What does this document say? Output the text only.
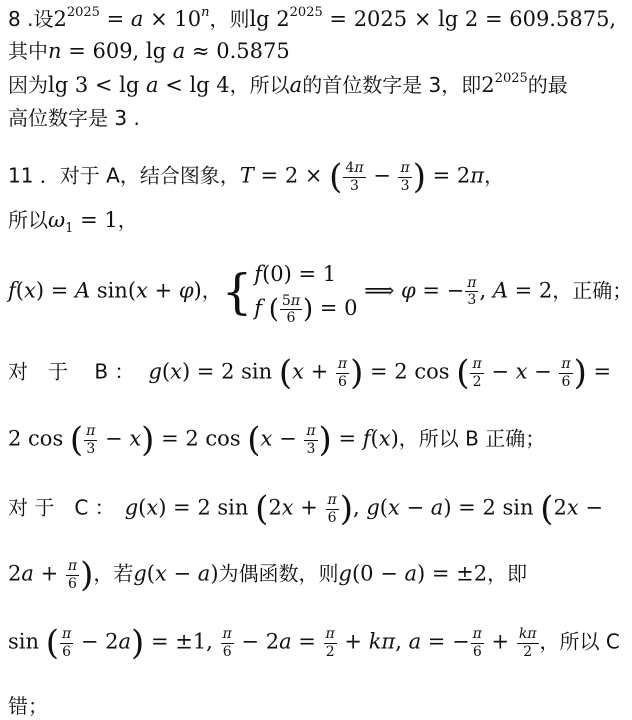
8 .设$2^{2025} = a \times 10^n$，则$\lg 2^{2025} = 2025 \times \lg 2 = 609.5875$,
其中n = 609, lg a ≈ 0.5875
因为lg 3 < lg a < lg 4，所以a的首位数字是 3，即$2^{2025}$的最
高位数字是 3 .
11 ．对于 A，结合图象，T = 2 × ( $\frac{4\pi}{3} - \frac{\pi}{3}$ ) = 2π，
所以$\omega_1 = 1$，
f(x) = A sin(x + φ)，{ f(0) = 1
f ( $\frac{5\pi}{6}$ ) = 0
⟹ φ = − $\frac{\pi}{3}$ , A = 2，正确；
对　于　 B ： g(x) = 2 $\sin (x + \frac{\pi}{6}$ ) = 2 cos ( $\frac{\pi}{2} - x - \frac{\pi}{6}$ ) =
2 cos ( $\frac{\pi}{3} - x) = 2$ $\cos (x - \frac{\pi}{3}$ ) = f(x)，所以 B 正确；
对 于　C ： g(x) = 2 $\sin (2x + \frac{\pi}{6}$ ), g(x − a) = 2 sin (2x −
$2a + \frac{\pi}{6}$ )，若g(x − a)为偶函数，则g(0 − a) = ±2，即
sin ( $\frac{\pi}{6} - 2a) = \pm 1$, $\frac{\pi}{6} - 2a = \frac{\pi}{2} + k\pi$, a = − $\frac{\pi}{6} + \frac{k\pi}{2}$ ，所以 C
错；
